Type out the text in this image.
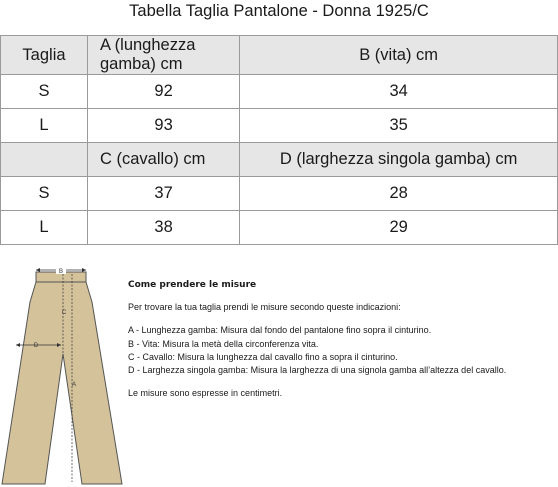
Tabella Taglia Pantalone - Donna 1925/C
Taglia	A (lunghezza gamba) cm	B (vita) cm
S	92	34
L	93	35
	C (cavallo) cm	D (larghezza singola gamba) cm
S	37	28
L	38	29
B
C
D
A
Come prendere le misure

Per trovare la tua taglia prendi le misure secondo queste indicazioni:

A - Lunghezza gamba: Misura dal fondo del pantalone fino sopra il cinturino.

B - Vita: Misura la metà della circonferenza vita.

C - Cavallo: Misura la lunghezza dal cavallo fino a sopra il cinturino.

D - Larghezza singola gamba: Misura la larghezza di una signola gamba all’altezza del cavallo.

Le misure sono espresse in centimetri.
